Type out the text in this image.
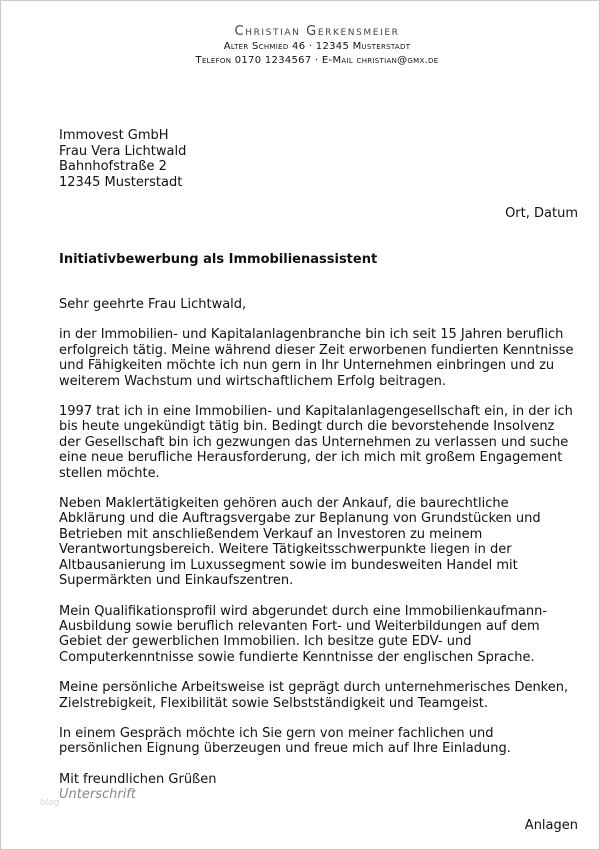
Christian Gerkensmeier
Alter Schmied 46 · 12345 Musterstadt
Telefon 0170 1234567 · E-Mail christian@gmx.de
Immovest GmbH
Frau Vera Lichtwald
Bahnhofstraße 2
12345 Musterstadt
Ort, Datum
Initiativbewerbung als Immobilienassistent

Sehr geehrte Frau Lichtwald,

in der Immobilien- und Kapitalanlagenbranche bin ich seit 15 Jahren beruflich erfolgreich tätig. Meine während dieser Zeit erworbenen fundierten Kenntnisse und Fähigkeiten möchte ich nun gern in Ihr Unternehmen einbringen und zu weiterem Wachstum und wirtschaftlichem Erfolg beitragen.

1997 trat ich in eine Immobilien- und Kapitalanlagengesellschaft ein, in der ich bis heute ungekündigt tätig bin. Bedingt durch die bevorstehende Insolvenz der Gesellschaft bin ich gezwungen das Unternehmen zu verlassen und suche eine neue berufliche Herausforderung, der ich mich mit großem Engagement stellen möchte.

Neben Maklertätigkeiten gehören auch der Ankauf, die baurechtliche Abklärung und die Auftragsvergabe zur Beplanung von Grundstücken und Betrieben mit anschließendem Verkauf an Investoren zu meinem Verantwortungsbereich. Weitere Tätigkeitsschwerpunkte liegen in der Altbausanierung im Luxussegment sowie im bundesweiten Handel mit Supermärkten und Einkaufszentren.

Mein Qualifikationsprofil wird abgerundet durch eine Immobilienkaufmann-Ausbildung sowie beruflich relevanten Fort- und Weiterbildungen auf dem Gebiet der gewerblichen Immobilien. Ich besitze gute EDV- und Computerkenntnisse sowie fundierte Kenntnisse der englischen Sprache.

Meine persönliche Arbeitsweise ist geprägt durch unternehmerisches Denken, Zielstrebigkeit, Flexibilität sowie Selbstständigkeit und Teamgeist.

In einem Gespräch möchte ich Sie gern von meiner fachlichen und persönlichen Eignung überzeugen und freue mich auf Ihre Einladung.

Mit freundlichen Grüßen

Unterschrift
blog
Anlagen
